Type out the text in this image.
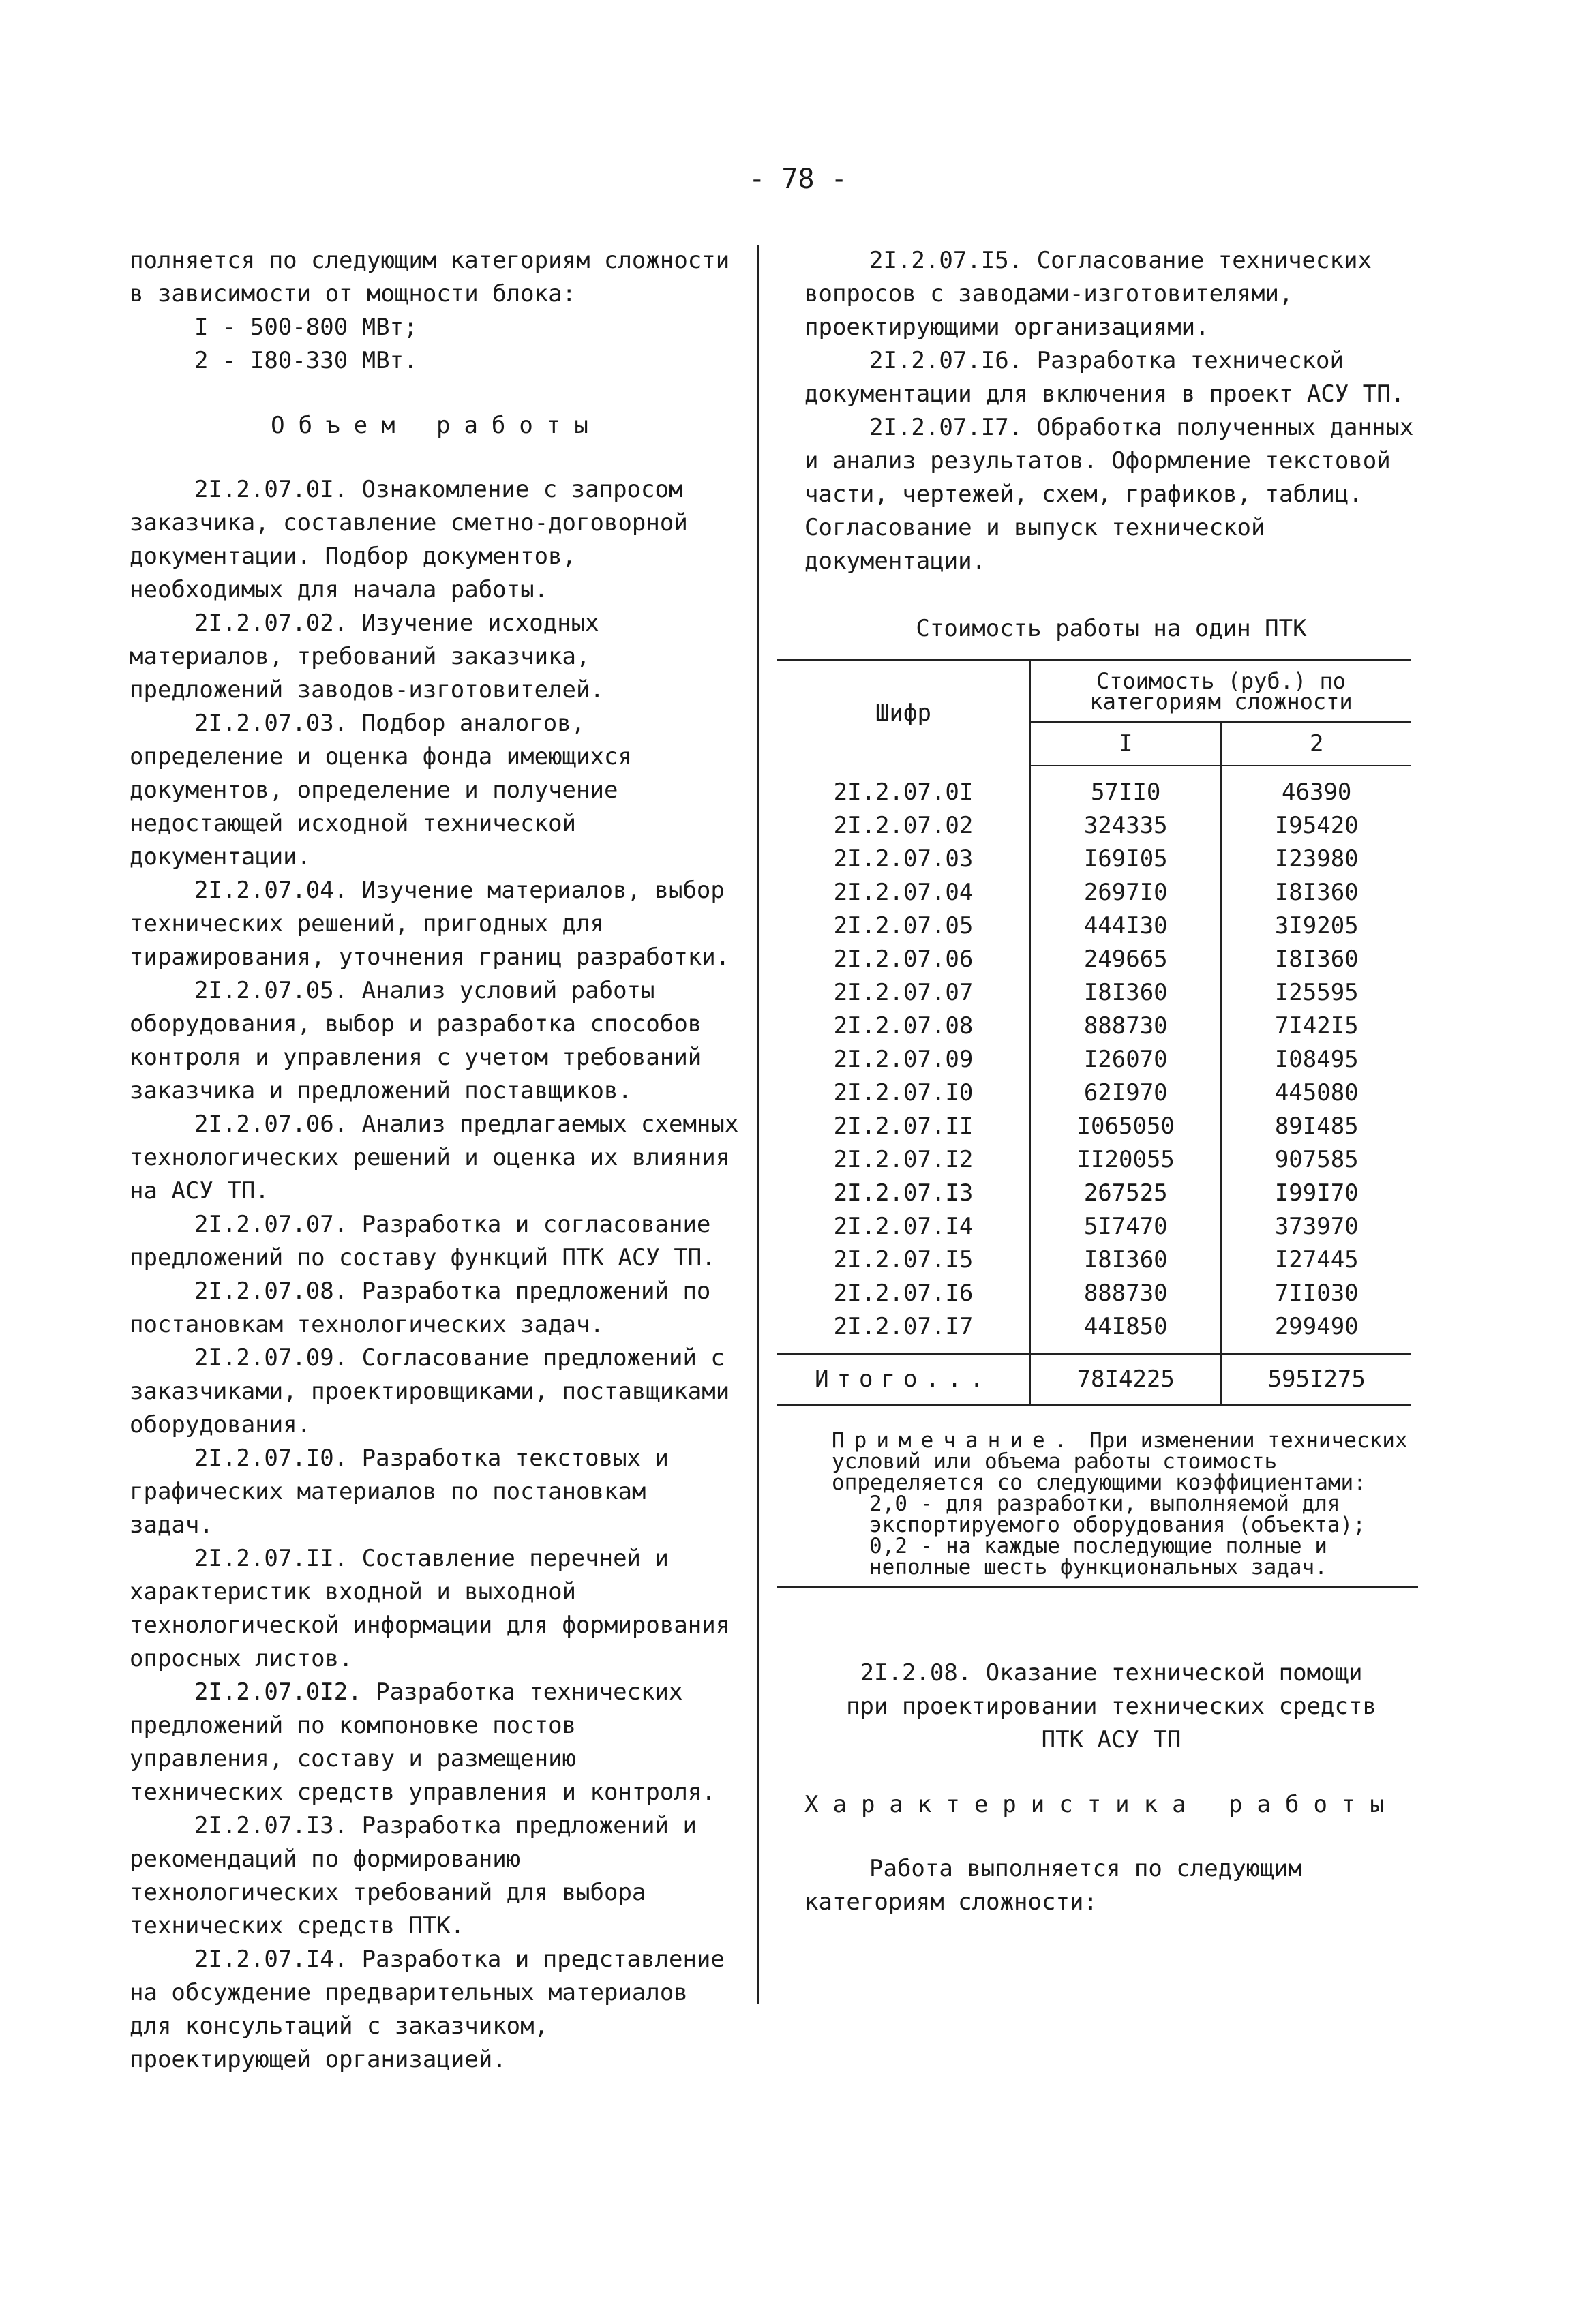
- 78 -

полняется по следующим категориям сложности

в зависимости от мощности блока:

I - 500-800 МВт;

2 - I80-330 МВт.

Объем работы

2I.2.07.0I. Ознакомление с запросом заказчика, составление сметно-договорной документации. Подбор документов, необходимых для начала работы.

2I.2.07.02. Изучение исходных материалов, требований заказчика, предложений заводов-изготовителей.

2I.2.07.03. Подбор аналогов, определение и оценка фонда имеющихся документов, определение и получение недостающей исходной технической документации.

2I.2.07.04. Изучение материалов, выбор технических решений, пригодных для тиражирования, уточнения границ разработки.

2I.2.07.05. Анализ условий работы оборудования, выбор и разработка способов контроля и управления с учетом требований заказчика и предложений поставщиков.

2I.2.07.06. Анализ предлагаемых схемных технологических решений и оценка их влияния на АСУ ТП.

2I.2.07.07. Разработка и согласование предложений по составу функций ПТК АСУ ТП.

2I.2.07.08. Разработка предложений по постановкам технологических задач.

2I.2.07.09. Согласование предложений с заказчиками, проектировщиками, поставщиками оборудования.

2I.2.07.I0. Разработка текстовых и графических материалов по постановкам задач.

2I.2.07.II. Составление перечней и характеристик входной и выходной технологической информации для формирования опросных листов.

2I.2.07.0I2. Разработка технических предложений по компоновке постов управления, составу и размещению технических средств управления и контроля.

2I.2.07.I3. Разработка предложений и рекомендаций по формированию технологических требований для выбора технических средств ПТК.

2I.2.07.I4. Разработка и представление на обсуждение предварительных материалов для консультаций с заказчиком, проектирующей организацией.

2I.2.07.I5. Согласование технических вопросов с заводами-изготовителями, проектирующими организациями.

2I.2.07.I6. Разработка технической документации для включения в проект АСУ ТП.

2I.2.07.I7. Обработка полученных данных и анализ результатов. Оформление текстовой части, чертежей, схем, графиков, таблиц. Согласование и выпуск технической документации.

Стоимость работы на один ПТК

Шифр	Стоимость (руб.) по категориям сложности	
	I	2
2I.2.07.0I	57II0	46390
2I.2.07.02	324335	I95420
2I.2.07.03	I69I05	I23980
2I.2.07.04	2697I0	I8I360
2I.2.07.05	444I30	3I9205
2I.2.07.06	249665	I8I360
2I.2.07.07	I8I360	I25595
2I.2.07.08	888730	7I42I5
2I.2.07.09	I26070	I08495
2I.2.07.I0	62I970	445080
2I.2.07.II	I065050	89I485
2I.2.07.I2	II20055	907585
2I.2.07.I3	267525	I99I70
2I.2.07.I4	5I7470	373970
2I.2.07.I5	I8I360	I27445
2I.2.07.I6	888730	7II030
2I.2.07.I7	44I850	299490
Итого...	78I4225	595I275

Примечание. При изменении технических условий или объема работы стоимость определяется со следующими коэффициентами:

2,0 - для разработки, выполняемой для экспортируемого оборудования (объекта);

0,2 - на каждые последующие полные и неполные шесть функциональных задач.

2I.2.08. Оказание технической помощи

при проектировании технических средств

ПТК АСУ ТП

Характеристика работы

Работа выполняется по следующим категориям сложности:
